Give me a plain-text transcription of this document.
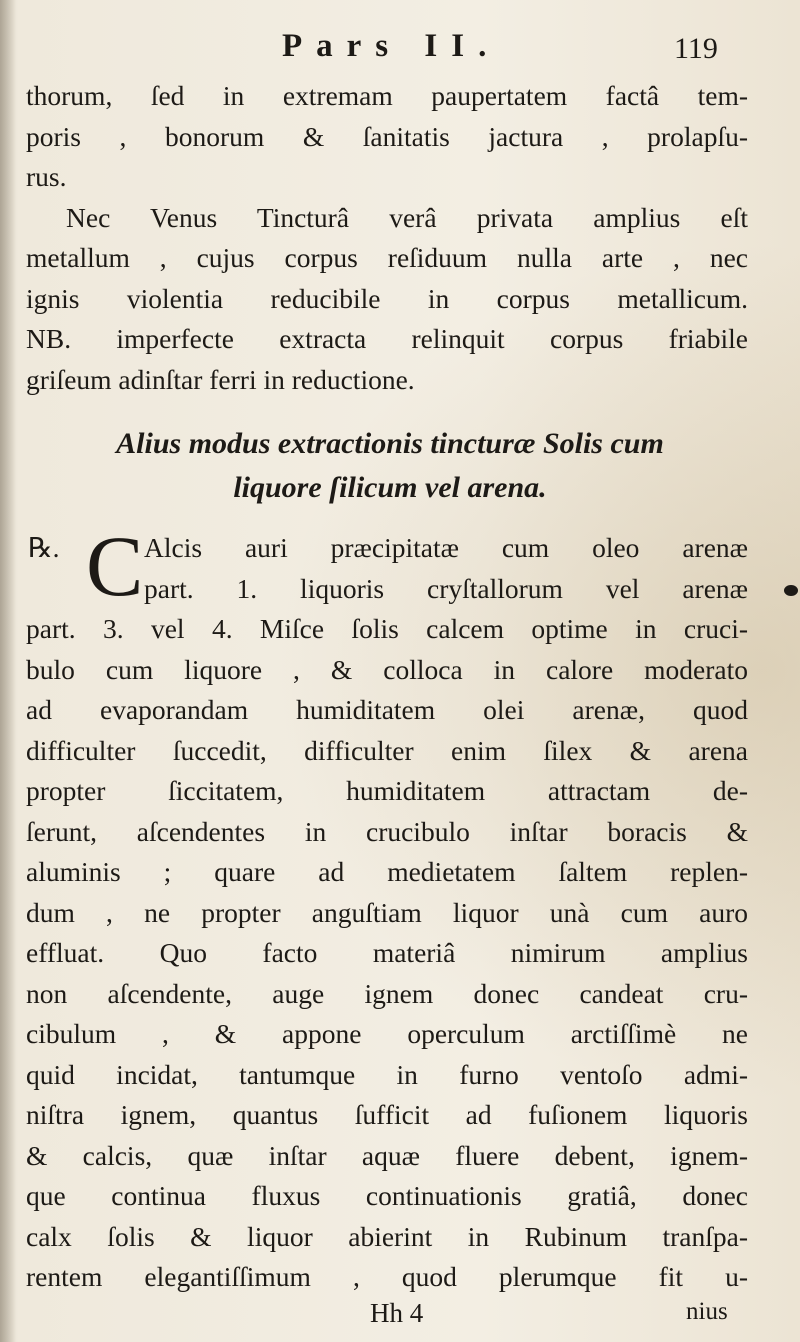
Pars II.	119
thorum, ſed in extremam paupertatem factâ tem-
poris , bonorum & ſanitatis jactura , prolapſu-
rus.
Nec Venus Tincturâ verâ privata amplius eſt
metallum , cujus corpus reſiduum nulla arte , nec
ignis violentia reducibile in corpus metallicum.
NB. imperfecte extracta relinquit corpus friabile
griſeum adinſtar ferri in reductione.
Alius modus extractionis tincturæ Solis cum
liquore ſilicum vel arena.
℞. C Alcis auri præcipitatæ cum oleo arenæ
part. 1. liquoris cryſtallorum vel arenæ
part. 3. vel 4. Miſce ſolis calcem optime in cruci-
bulo cum liquore , & colloca in calore moderato
ad evaporandam humiditatem olei arenæ, quod
difficulter ſuccedit, difficulter enim ſilex & arena
propter ſiccitatem, humiditatem attractam de-
ſerunt, aſcendentes in crucibulo inſtar boracis &
aluminis ; quare ad medietatem ſaltem replen-
dum , ne propter anguſtiam liquor unà cum auro
effluat. Quo facto materiâ nimirum amplius
non aſcendente, auge ignem donec candeat cru-
cibulum , & appone operculum arctiſſimè ne
quid incidat, tantumque in furno ventoſo admi-
niſtra ignem, quantus ſufficit ad fuſionem liquoris
& calcis, quæ inſtar aquæ fluere debent, ignem-
que continua fluxus continuationis gratiâ, donec
calx ſolis & liquor abierint in Rubinum tranſpa-
rentem elegantiſſimum , quod plerumque fit u-
Hh 4	nius
